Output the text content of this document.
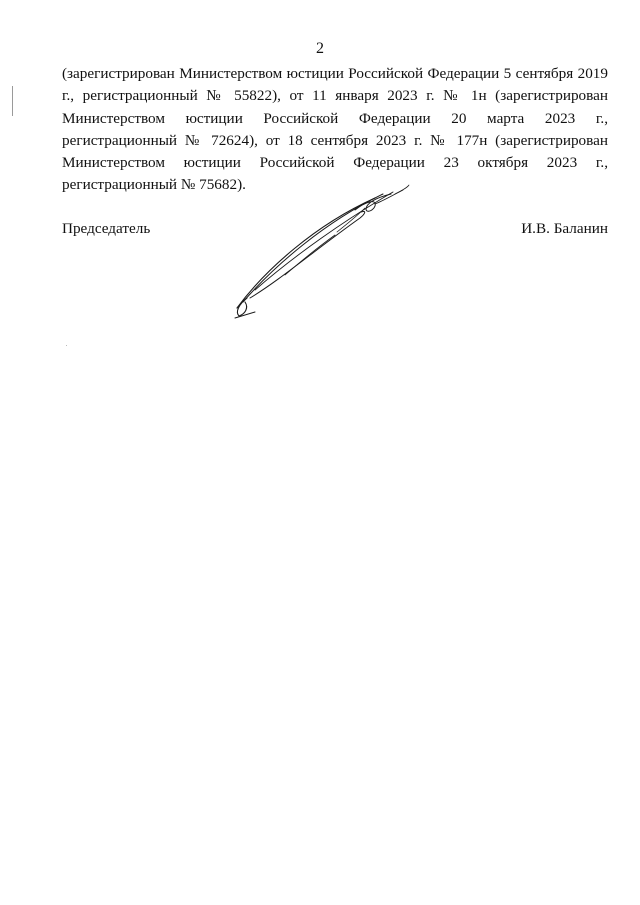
2

(зарегистрирован Министерством юстиции Российской Федерации 5 сентября 2019 г., регистрационный № 55822), от 11 января 2023 г. № 1н (зарегистрирован Министерством юстиции Российской Федерации 20 марта 2023 г., регистрационный № 72624), от 18 сентября 2023 г. № 177н (зарегистрирован Министерством юстиции Российской Федерации 23 октября 2023 г., регистрационный № 75682).

Председатель	И.В. Баланин
